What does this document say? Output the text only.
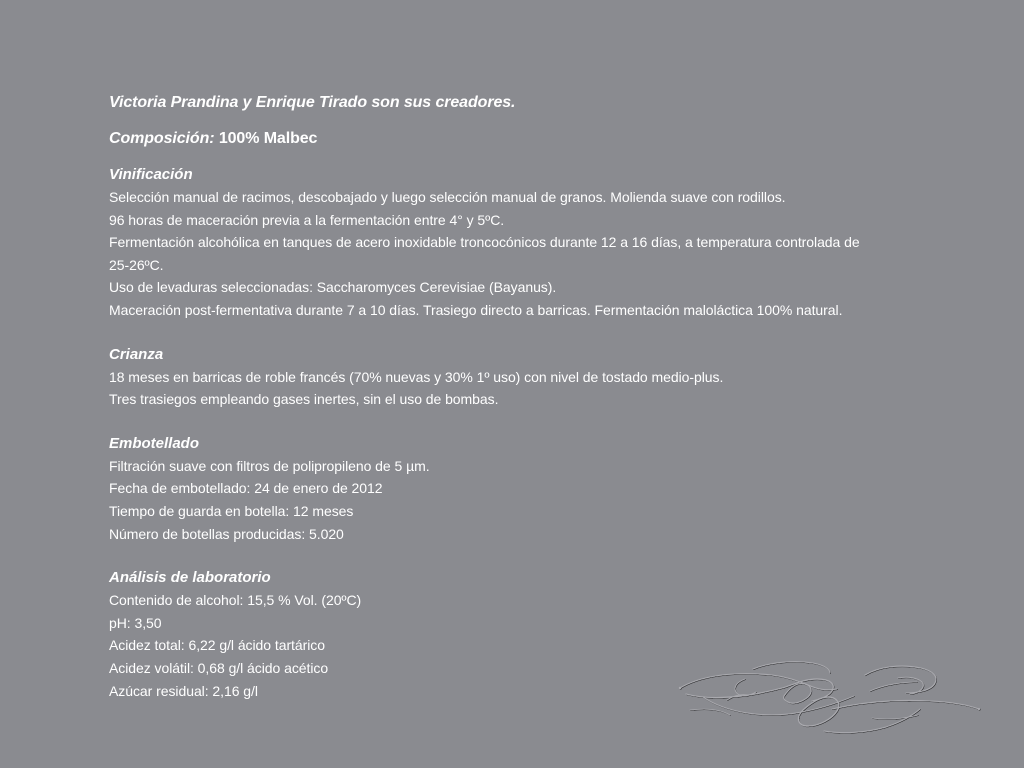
Victoria Prandina y Enrique Tirado son sus creadores.

Composición: 100% Malbec

Vinificación
Selección manual de racimos, descobajado y luego selección manual de granos. Molienda suave con rodillos.
96 horas de maceración previa a la fermentación entre 4° y 5ºC.
Fermentación alcohólica en tanques de acero inoxidable troncocónicos durante 12 a 16 días, a temperatura controlada de
25-26ºC.
Uso de levaduras seleccionadas: Saccharomyces Cerevisiae (Bayanus).
Maceración post-fermentativa durante 7 a 10 días. Trasiego directo a barricas. Fermentación maloláctica 100% natural.
Crianza
18 meses en barricas de roble francés (70% nuevas y 30% 1º uso) con nivel de tostado medio-plus.
Tres trasiegos empleando gases inertes, sin el uso de bombas.
Embotellado
Filtración suave con filtros de polipropileno de 5 µm.
Fecha de embotellado: 24 de enero de 2012
Tiempo de guarda en botella: 12 meses
Número de botellas producidas: 5.020
Análisis de laboratorio
Contenido de alcohol: 15,5 % Vol. (20ºC)
pH: 3,50
Acidez total: 6,22 g/l ácido tartárico
Acidez volátil: 0,68 g/l ácido acético
Azúcar residual: 2,16 g/l
